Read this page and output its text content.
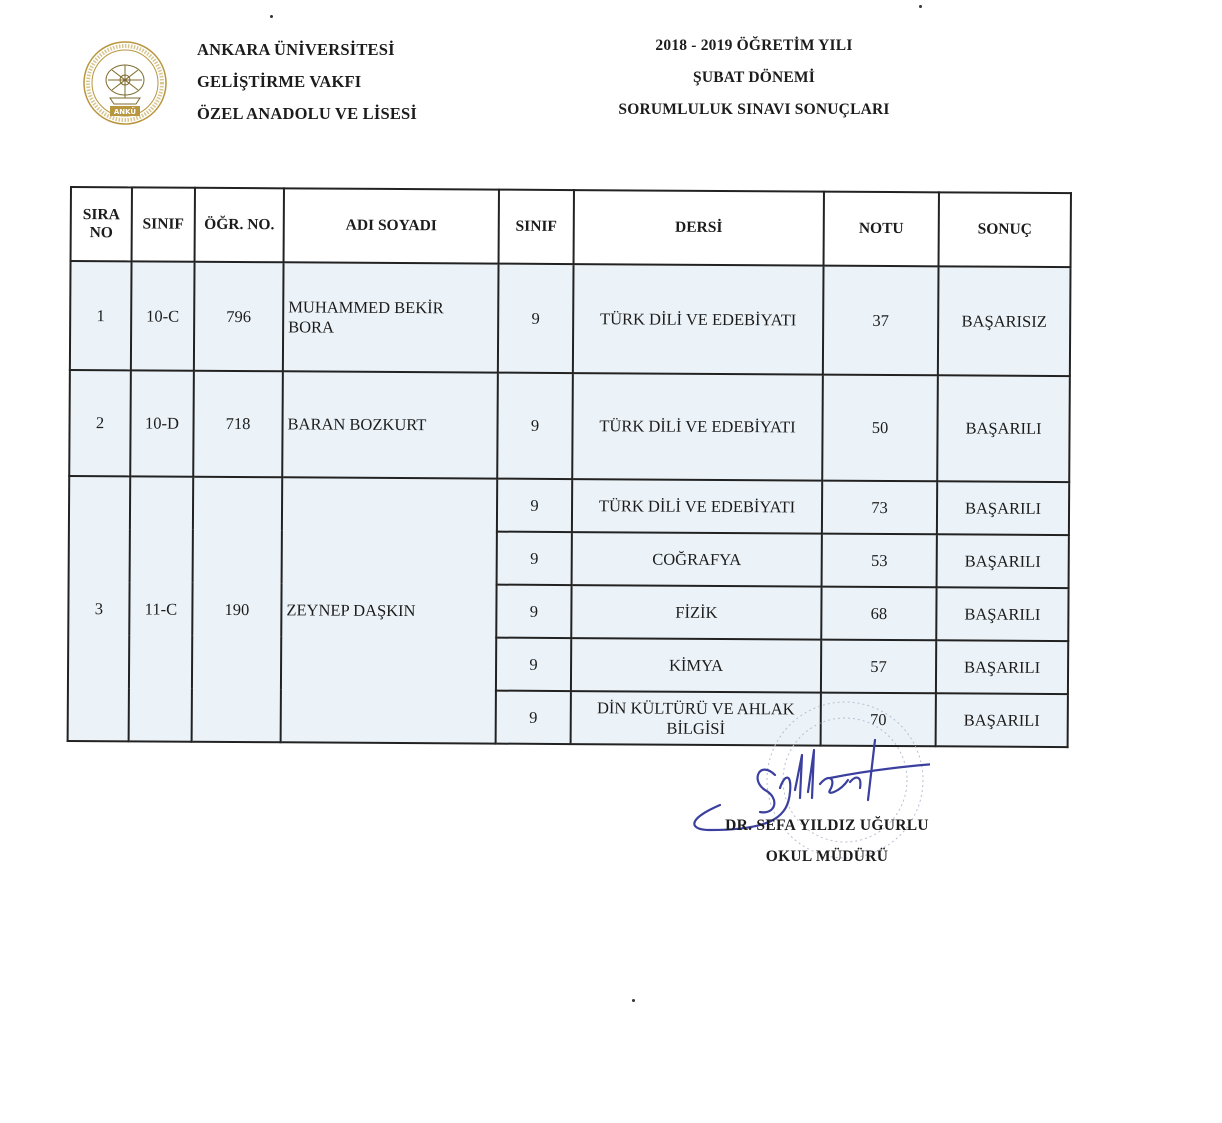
ANKÜ
ANKARA ÜNİVERSİTESİ
GELİŞTİRME VAKFI
ÖZEL ANADOLU VE LİSESİ
2018 - 2019 ÖĞRETİM YILI
ŞUBAT DÖNEMİ
SORUMLULUK SINAVI SONUÇLARI
SIRA
NO	SINIF	ÖĞR. NO.	ADI SOYADI	SINIF	DERSİ	NOTU	SONUÇ
1	10-C	796	MUHAMMED BEKİR BORA	9	TÜRK DİLİ VE EDEBİYATI	37	BAŞARISIZ
2	10-D	718	BARAN BOZKURT	9	TÜRK DİLİ VE EDEBİYATI	50	BAŞARILI
3	11-C	190	ZEYNEP DAŞKIN	9	TÜRK DİLİ VE EDEBİYATI	73	BAŞARILI
				9	COĞRAFYA	53	BAŞARILI
				9	FİZİK	68	BAŞARILI
				9	KİMYA	57	BAŞARILI
				9	DİN KÜLTÜRÜ VE AHLAK BİLGİSİ	70	BAŞARILI
DR. SEFA YILDIZ UĞURLU
OKUL MÜDÜRÜ
